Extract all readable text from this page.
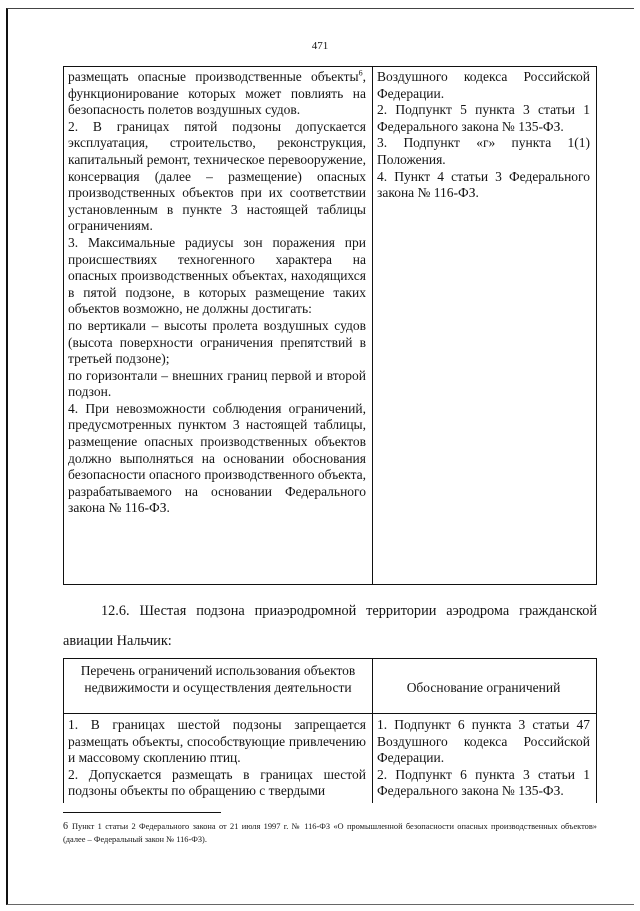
471

размещать опасные производственные объекты$^6$, функционирование которых может повлиять на безопасность полетов воздушных судов.

2. В границах пятой подзоны допускается эксплуатация, строительство, реконструкция, капитальный ремонт, техническое перевооружение, консервация (далее – размещение) опасных производственных объектов при их соответствии установленным в пункте 3 настоящей таблицы ограничениям.

3. Максимальные радиусы зон поражения при происшествиях техногенного характера на опасных производственных объектах, находящихся в пятой подзоне, в которых размещение таких объектов возможно, не должны достигать:

по вертикали – высоты пролета воздушных судов (высота поверхности ограничения препятствий в третьей подзоне);

по горизонтали – внешних границ первой и второй подзон.

4. При невозможности соблюдения ограничений, предусмотренных пунктом 3 настоящей таблицы, размещение опасных производственных объектов должно выполняться на основании обоснования безопасности опасного производственного объекта, разрабатываемого на основании Федерального закона № 116-ФЗ.

Воздушного кодекса Российской Федерации.

2. Подпункт 5 пункта 3 статьи 1 Федерального закона № 135-ФЗ.

3. Подпункт «г» пункта 1(1) Положения.

4. Пункт 4 статьи 3 Федерального закона № 116-ФЗ.

12.6. Шестая подзона приаэродромной территории аэродрома гражданской авиации Нальчик:
Перечень ограничений использования объектов недвижимости и осуществления деятельности	Обоснование ограничений

1. В границах шестой подзоны запрещается размещать объекты, способствующие привлечению и массовому скоплению птиц.

2. Допускается размещать в границах шестой подзоны объекты по обращению с твердыми

1. Подпункт 6 пункта 3 статьи 47 Воздушного кодекса Российской Федерации.

2. Подпункт 6 пункта 3 статьи 1 Федерального закона № 135-ФЗ.

6 Пункт 1 статьи 2 Федерального закона от 21 июля 1997 г. № 116-ФЗ «О промышленной безопасности опасных производственных объектов» (далее – Федеральный закон № 116-ФЗ).
